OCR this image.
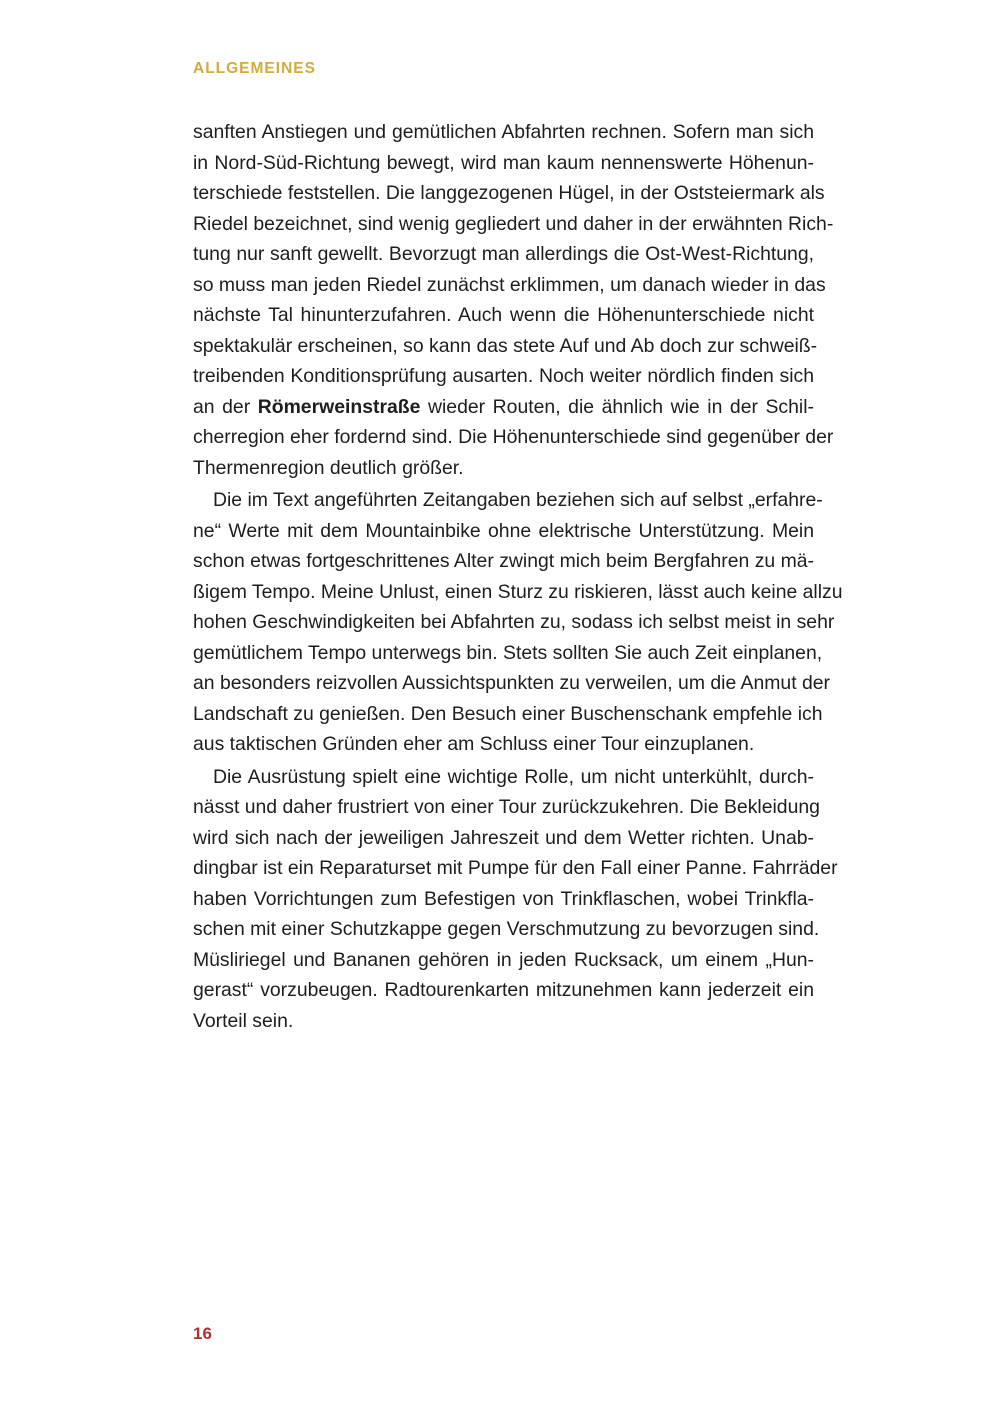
ALLGEMEINES
sanften Anstiegen und gemütlichen Abfahrten rechnen. Sofern man sich
in Nord-Süd-Richtung bewegt, wird man kaum nennenswerte Höhenun-
terschiede feststellen. Die langgezogenen Hügel, in der Oststeiermark als
Riedel bezeichnet, sind wenig gegliedert und daher in der erwähnten Rich-
tung nur sanft gewellt. Bevorzugt man allerdings die Ost-West-Richtung,
so muss man jeden Riedel zunächst erklimmen, um danach wieder in das
nächste Tal hinunterzufahren. Auch wenn die Höhenunterschiede nicht
spektakulär erscheinen, so kann das stete Auf und Ab doch zur schweiß-
treibenden Konditionsprüfung ausarten. Noch weiter nördlich finden sich
an der Römerweinstraße wieder Routen, die ähnlich wie in der Schil-
cherregion eher fordernd sind. Die Höhenunterschiede sind gegenüber der
Thermenregion deutlich größer.
Die im Text angeführten Zeitangaben beziehen sich auf selbst „erfahre-
ne“ Werte mit dem Mountainbike ohne elektrische Unterstützung. Mein
schon etwas fortgeschrittenes Alter zwingt mich beim Bergfahren zu mä-
ßigem Tempo. Meine Unlust, einen Sturz zu riskieren, lässt auch keine allzu
hohen Geschwindigkeiten bei Abfahrten zu, sodass ich selbst meist in sehr
gemütlichem Tempo unterwegs bin. Stets sollten Sie auch Zeit einplanen,
an besonders reizvollen Aussichtspunkten zu verweilen, um die Anmut der
Landschaft zu genießen. Den Besuch einer Buschenschank empfehle ich
aus taktischen Gründen eher am Schluss einer Tour einzuplanen.
Die Ausrüstung spielt eine wichtige Rolle, um nicht unterkühlt, durch-
nässt und daher frustriert von einer Tour zurückzukehren. Die Bekleidung
wird sich nach der jeweiligen Jahreszeit und dem Wetter richten. Unab-
dingbar ist ein Reparaturset mit Pumpe für den Fall einer Panne. Fahrräder
haben Vorrichtungen zum Befestigen von Trinkflaschen, wobei Trinkfla-
schen mit einer Schutzkappe gegen Verschmutzung zu bevorzugen sind.
Müsliriegel und Bananen gehören in jeden Rucksack, um einem „Hun-
gerast“ vorzubeugen. Radtourenkarten mitzunehmen kann jederzeit ein
Vorteil sein.
16
